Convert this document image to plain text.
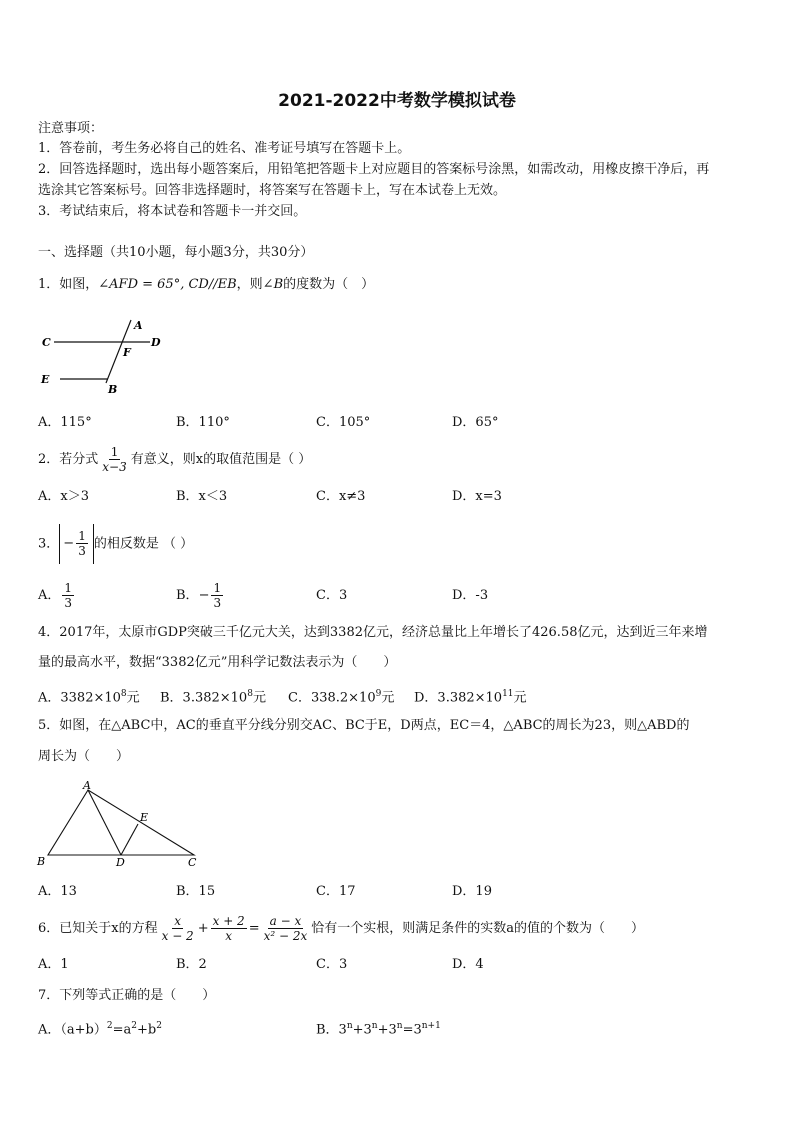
2021-2022中考数学模拟试卷
注意事项：
1．答卷前，考生务必将自己的姓名、准考证号填写在答题卡上。
2．回答选择题时，选出每小题答案后，用铅笔把答题卡上对应题目的答案标号涂黑，如需改动，用橡皮擦干净后，再
选涂其它答案标号。回答非选择题时，将答案写在答题卡上，写在本试卷上无效。
3．考试结束后，将本试卷和答题卡一并交回。
一、选择题（共10小题，每小题3分，共30分）
1．如图，∠AFD = 65°, CD//EB，则∠B的度数为（　）
A
C
F
D
E
B
A．115°	B．110°	C．105°	D．65°
2．若分式 $\frac{1}{x-3}$ 有意义，则x的取值范围是（ ）
A．x＞3	B．x＜3	C．x≠3	D．x=3
3． − $\frac{1}{3}$ 的相反数是 （ ）
A． $\frac{1}{3}$	B．− $\frac{1}{3}$	C．3	D．-3
4．2017年，太原市GDP突破三千亿元大关，达到3382亿元，经济总量比上年增长了426.58亿元，达到近三年来增
量的最高水平，数据“3382亿元”用科学记数法表示为（　　）
A．$3382\times 10^8$元 B．$3.382\times 10^8$元 C．$338.2\times 10^9$元 D．$3.382\times 10^{11}$元
5．如图，在△ABC中，AC的垂直平分线分别交AC、BC于E，D两点，EC＝4，△ABC的周长为23，则△ABD的
周长为（　　）
A
E
B	D	C
A．13	B．15	C．17	D．19
6．已知关于x的方程 $\frac{x}{x - 2} + \frac{x + 2}{x} = \frac{a - x}{\text{x² − 2x}}$ 恰有一个实根，则满足条件的实数a的值的个数为（　　）
A．1	B．2	C．3	D．4
7．下列等式正确的是（　　）
A．$(a+b)^2=a^2+b^2$	B．$3^n+3^n+3^n=3^{n+1}$
